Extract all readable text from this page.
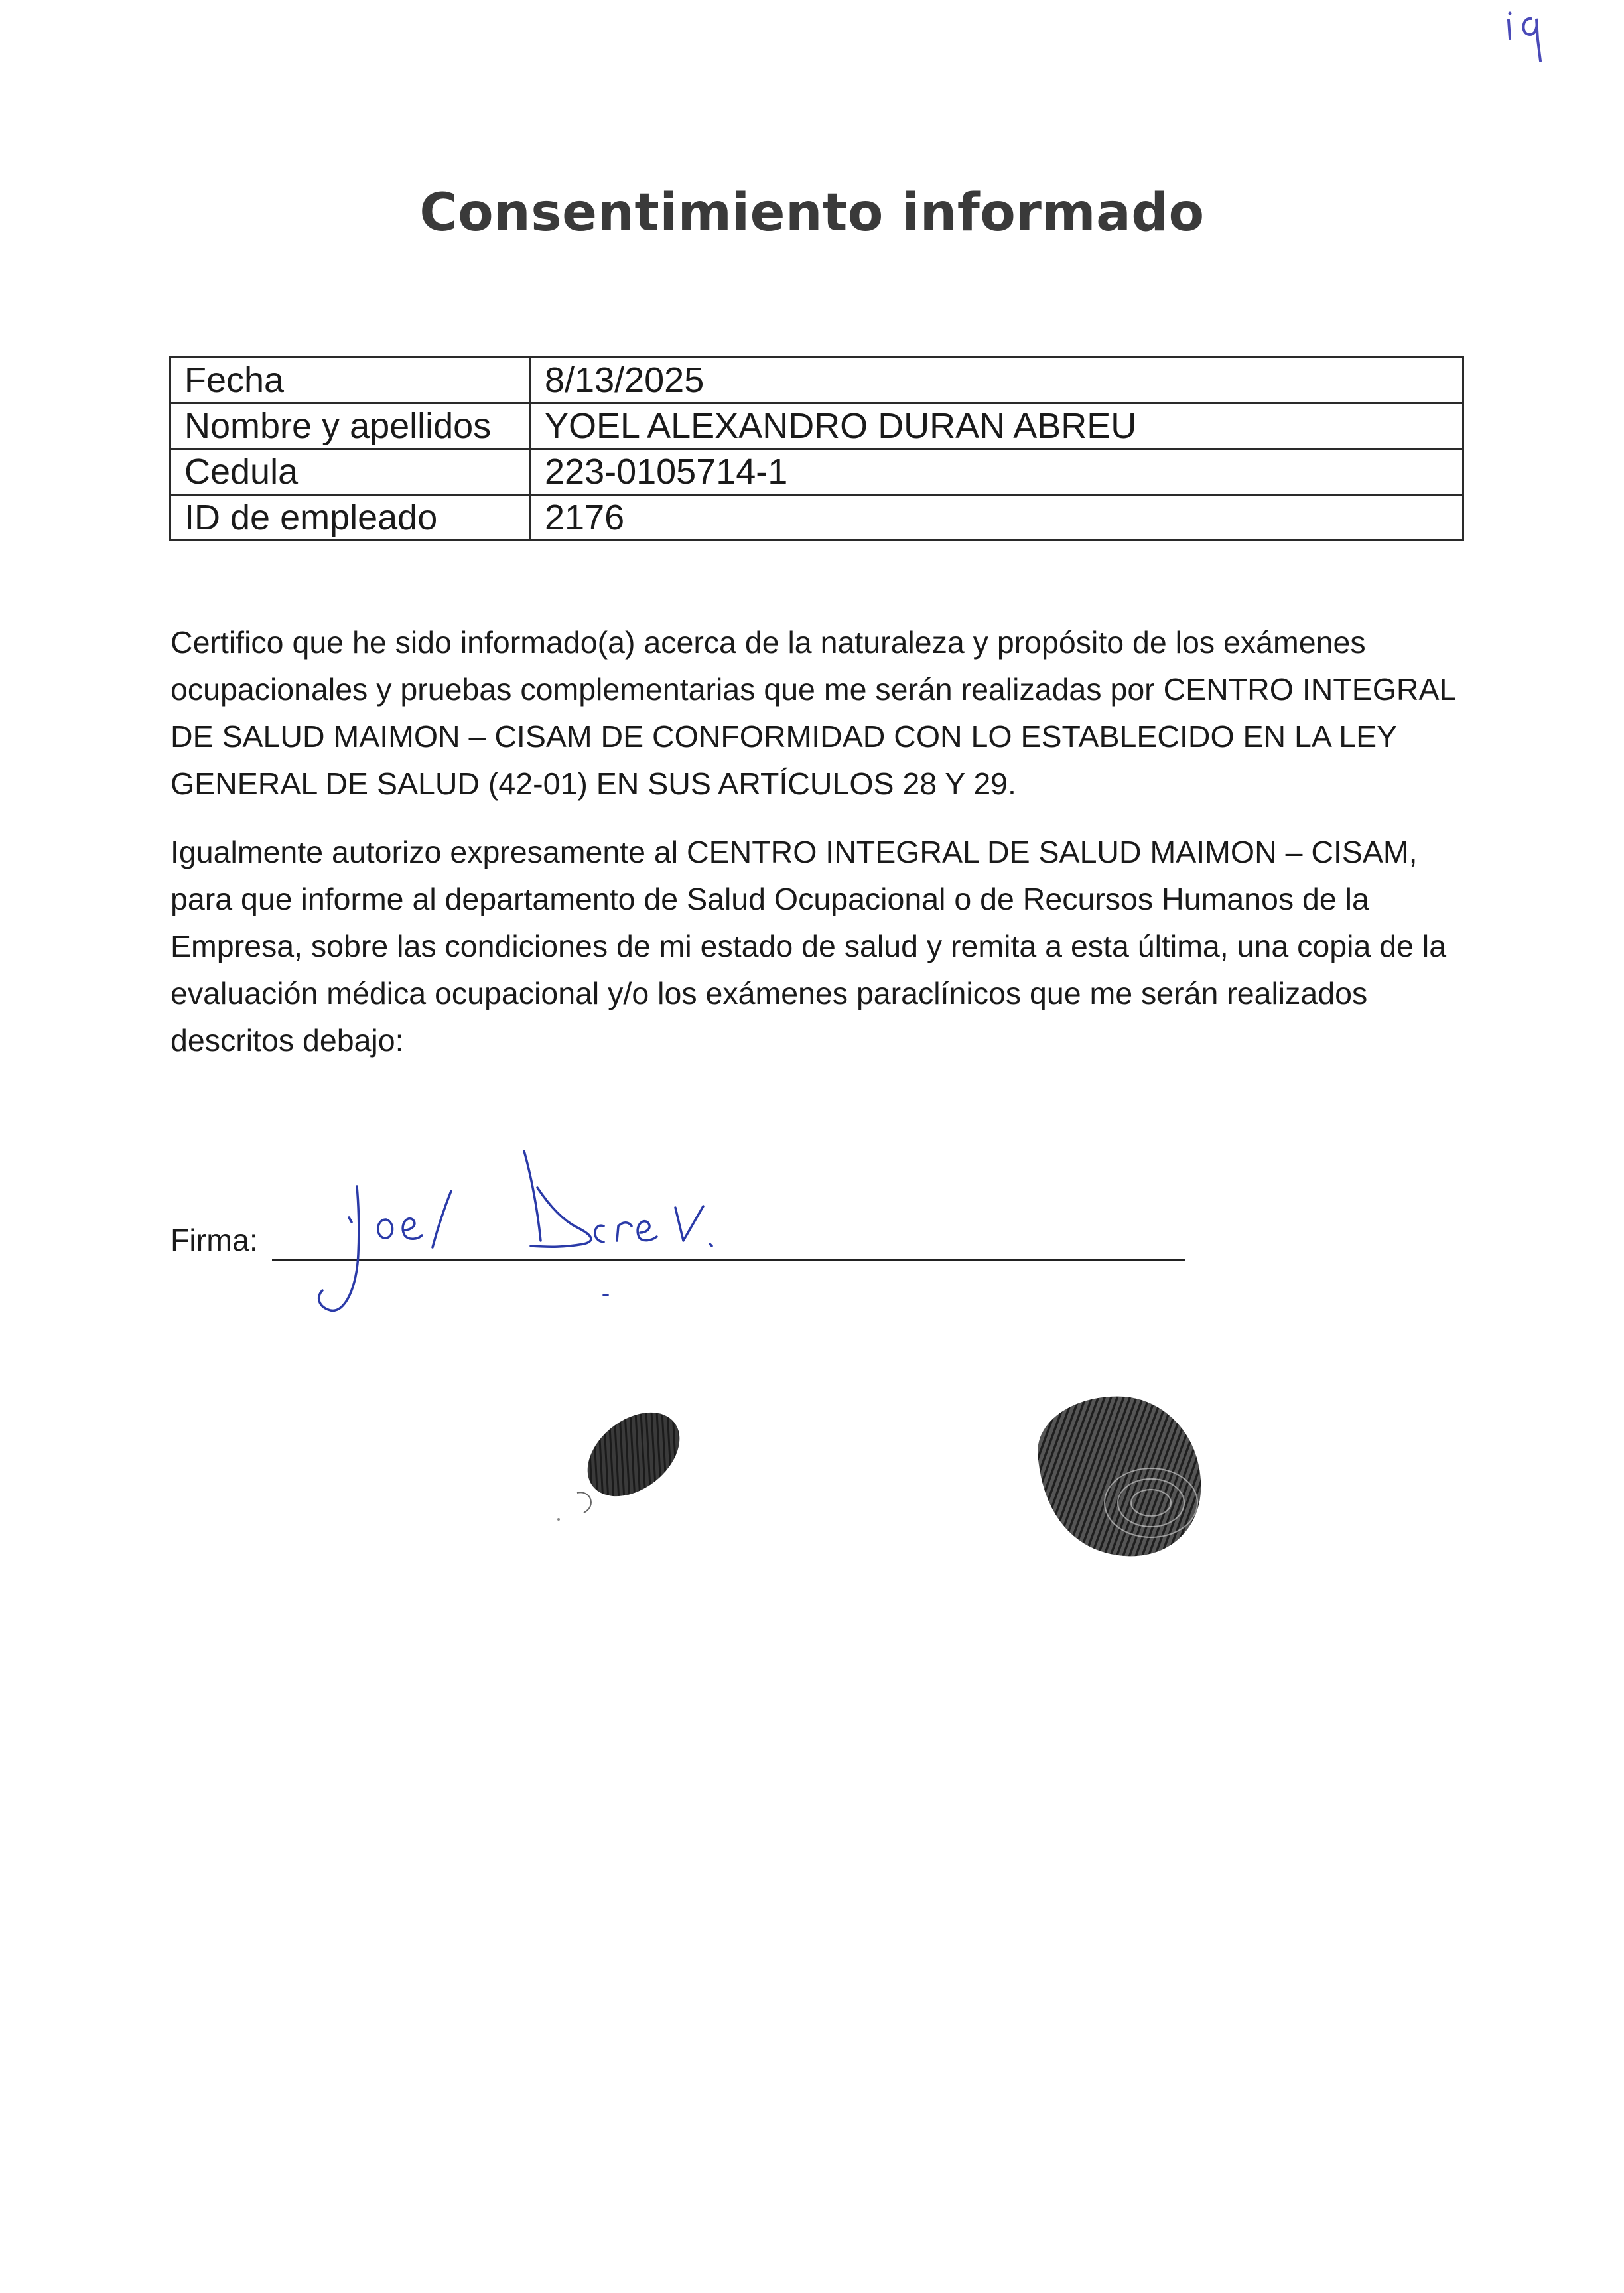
Consentimiento informado
Fecha	8/13/2025
Nombre y apellidos	YOEL ALEXANDRO DURAN ABREU
Cedula	223-0105714-1
ID de empleado	2176

Certifico que he sido informado(a) acerca de la naturaleza y propósito de los exámenes ocupacionales y pruebas complementarias que me serán realizadas por CENTRO INTEGRAL DE SALUD MAIMON – CISAM DE CONFORMIDAD CON LO ESTABLECIDO EN LA LEY GENERAL DE SALUD (42-01) EN SUS ARTÍCULOS 28 Y 29.

Igualmente autorizo expresamente al CENTRO INTEGRAL DE SALUD MAIMON – CISAM, para que informe al departamento de Salud Ocupacional o de Recursos Humanos de la Empresa, sobre las condiciones de mi estado de salud y remita a esta última, una copia de la evaluación médica ocupacional y/o los exámenes paraclínicos que me serán realizados descritos debajo:

Firma:
